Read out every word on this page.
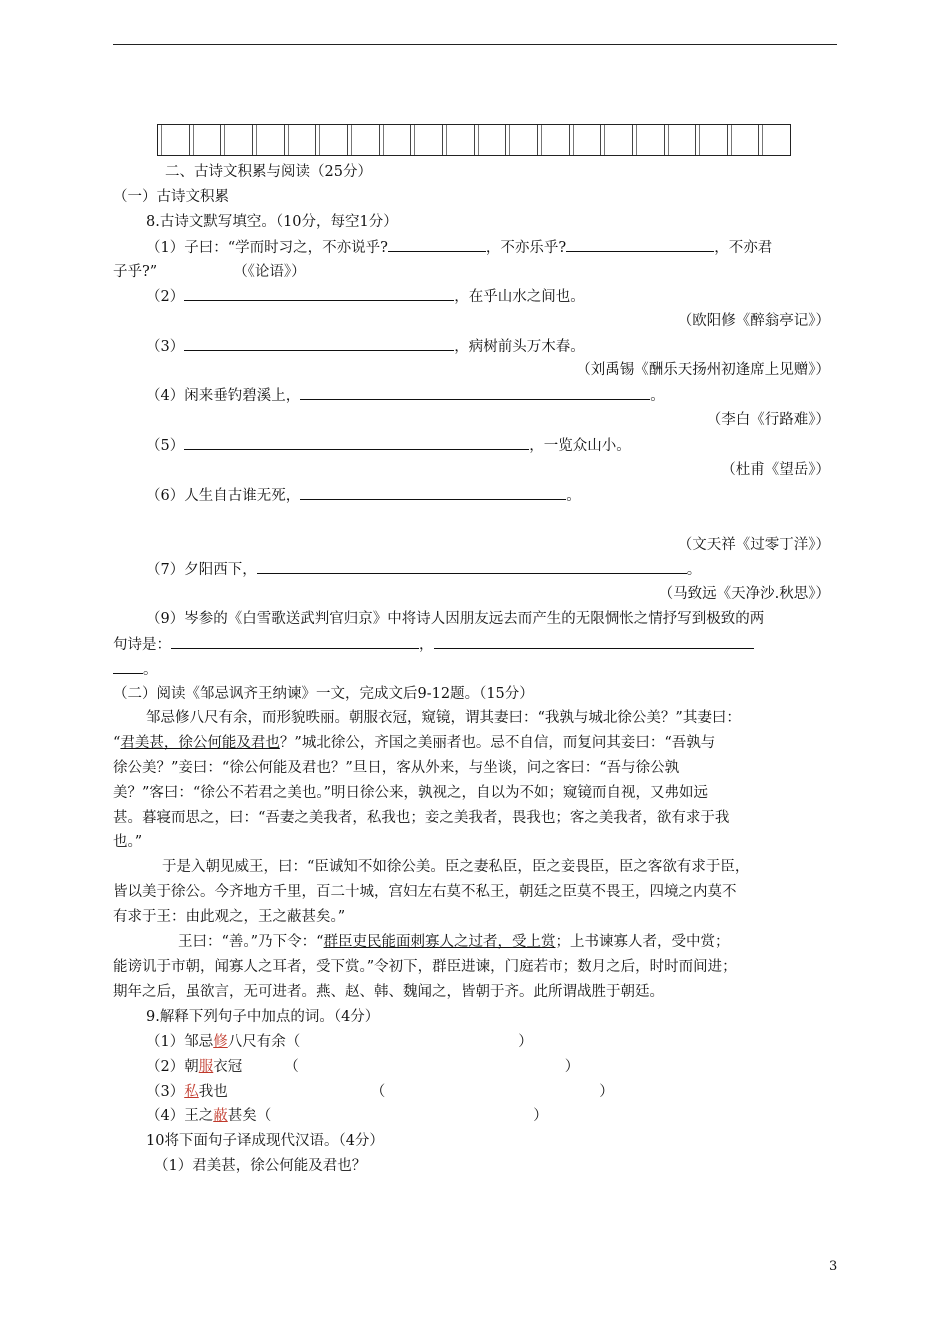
二、古诗文积累与阅读（25分）
（一）古诗文积累
8.古诗文默写填空。（10分，每空1分）
（1）子曰：“学而时习之，不亦说乎?	，不亦乐乎?	，不亦君
子乎?”	（《论语》）
（2）	，在乎山水之间也。
（欧阳修《醉翁亭记》）
（3）	，病树前头万木春。
（刘禹锡《酬乐天扬州初逢席上见赠》）
（4）闲来垂钓碧溪上，	。
（李白《行路难》）
（5）	，一览众山小。
（杜甫《望岳》）
（6）人生自古谁无死，	。
（文天祥《过零丁洋》）
（7）夕阳西下，	。
（马致远《天净沙.秋思》）
（9）岑参的《白雪歌送武判官归京》中将诗人因朋友远去而产生的无限惆怅之情抒写到极致的两
句诗是：	，
。
（二）阅读《邹忌讽齐王纳谏》一文，完成文后9-12题。（15分）
邹忌修八尺有余，而形貌昳丽。朝服衣冠，窥镜，谓其妻曰：“我孰与城北徐公美？”其妻曰：
“君美甚，徐公何能及君也？”城北徐公，齐国之美丽者也。忌不自信，而复问其妾曰：“吾孰与
徐公美？”妾曰：“徐公何能及君也？”旦日，客从外来，与坐谈，问之客曰：“吾与徐公孰
美？”客曰：“徐公不若君之美也。”明日徐公来，孰视之，自以为不如；窥镜而自视，又弗如远
甚。暮寝而思之，曰：“吾妻之美我者，私我也；妾之美我者，畏我也；客之美我者，欲有求于我
也。”
于是入朝见威王，曰：“臣诚知不如徐公美。臣之妻私臣，臣之妾畏臣，臣之客欲有求于臣，
皆以美于徐公。今齐地方千里，百二十城，宫妇左右莫不私王，朝廷之臣莫不畏王，四境之内莫不
有求于王：由此观之，王之蔽甚矣。”
王曰：“善。”乃下令：“群臣吏民能面刺寡人之过者，受上赏；上书谏寡人者，受中赏；
能谤讥于市朝，闻寡人之耳者，受下赏。”令初下，群臣进谏，门庭若市；数月之后，时时而间进；
期年之后，虽欲言，无可进者。燕、赵、韩、魏闻之，皆朝于齐。此所谓战胜于朝廷。
9.解释下列句子中加点的词。（4分）
（1）邹忌修八尺有余（	）
（2）朝服衣冠	（	）
（3）私我也	（	）
（4）王之蔽甚矣（	）
10将下面句子译成现代汉语。（4分）
（1）君美甚，徐公何能及君也？
3
